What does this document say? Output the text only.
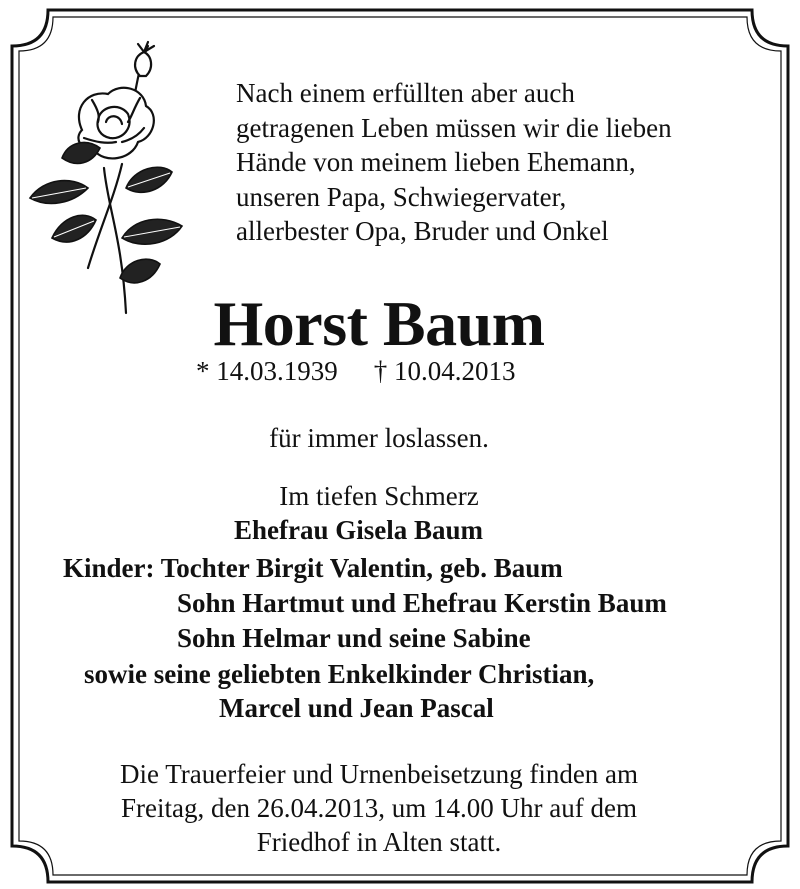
Nach einem erfüllten aber auch
getragenen Leben müssen wir die lieben
Hände von meinem lieben Ehemann,
unseren Papa, Schwiegervater,
allerbester Opa, Bruder und Onkel
Horst Baum
* 14.03.1939 † 10.04.2013
für immer loslassen.
Im tiefen Schmerz
Ehefrau Gisela Baum
Kinder: Tochter Birgit Valentin, geb. Baum
Sohn Hartmut und Ehefrau Kerstin Baum
Sohn Helmar und seine Sabine
sowie seine geliebten Enkelkinder Christian,
Marcel und Jean Pascal
Die Trauerfeier und Urnenbeisetzung finden am
Freitag, den 26.04.2013, um 14.00 Uhr auf dem
Friedhof in Alten statt.
